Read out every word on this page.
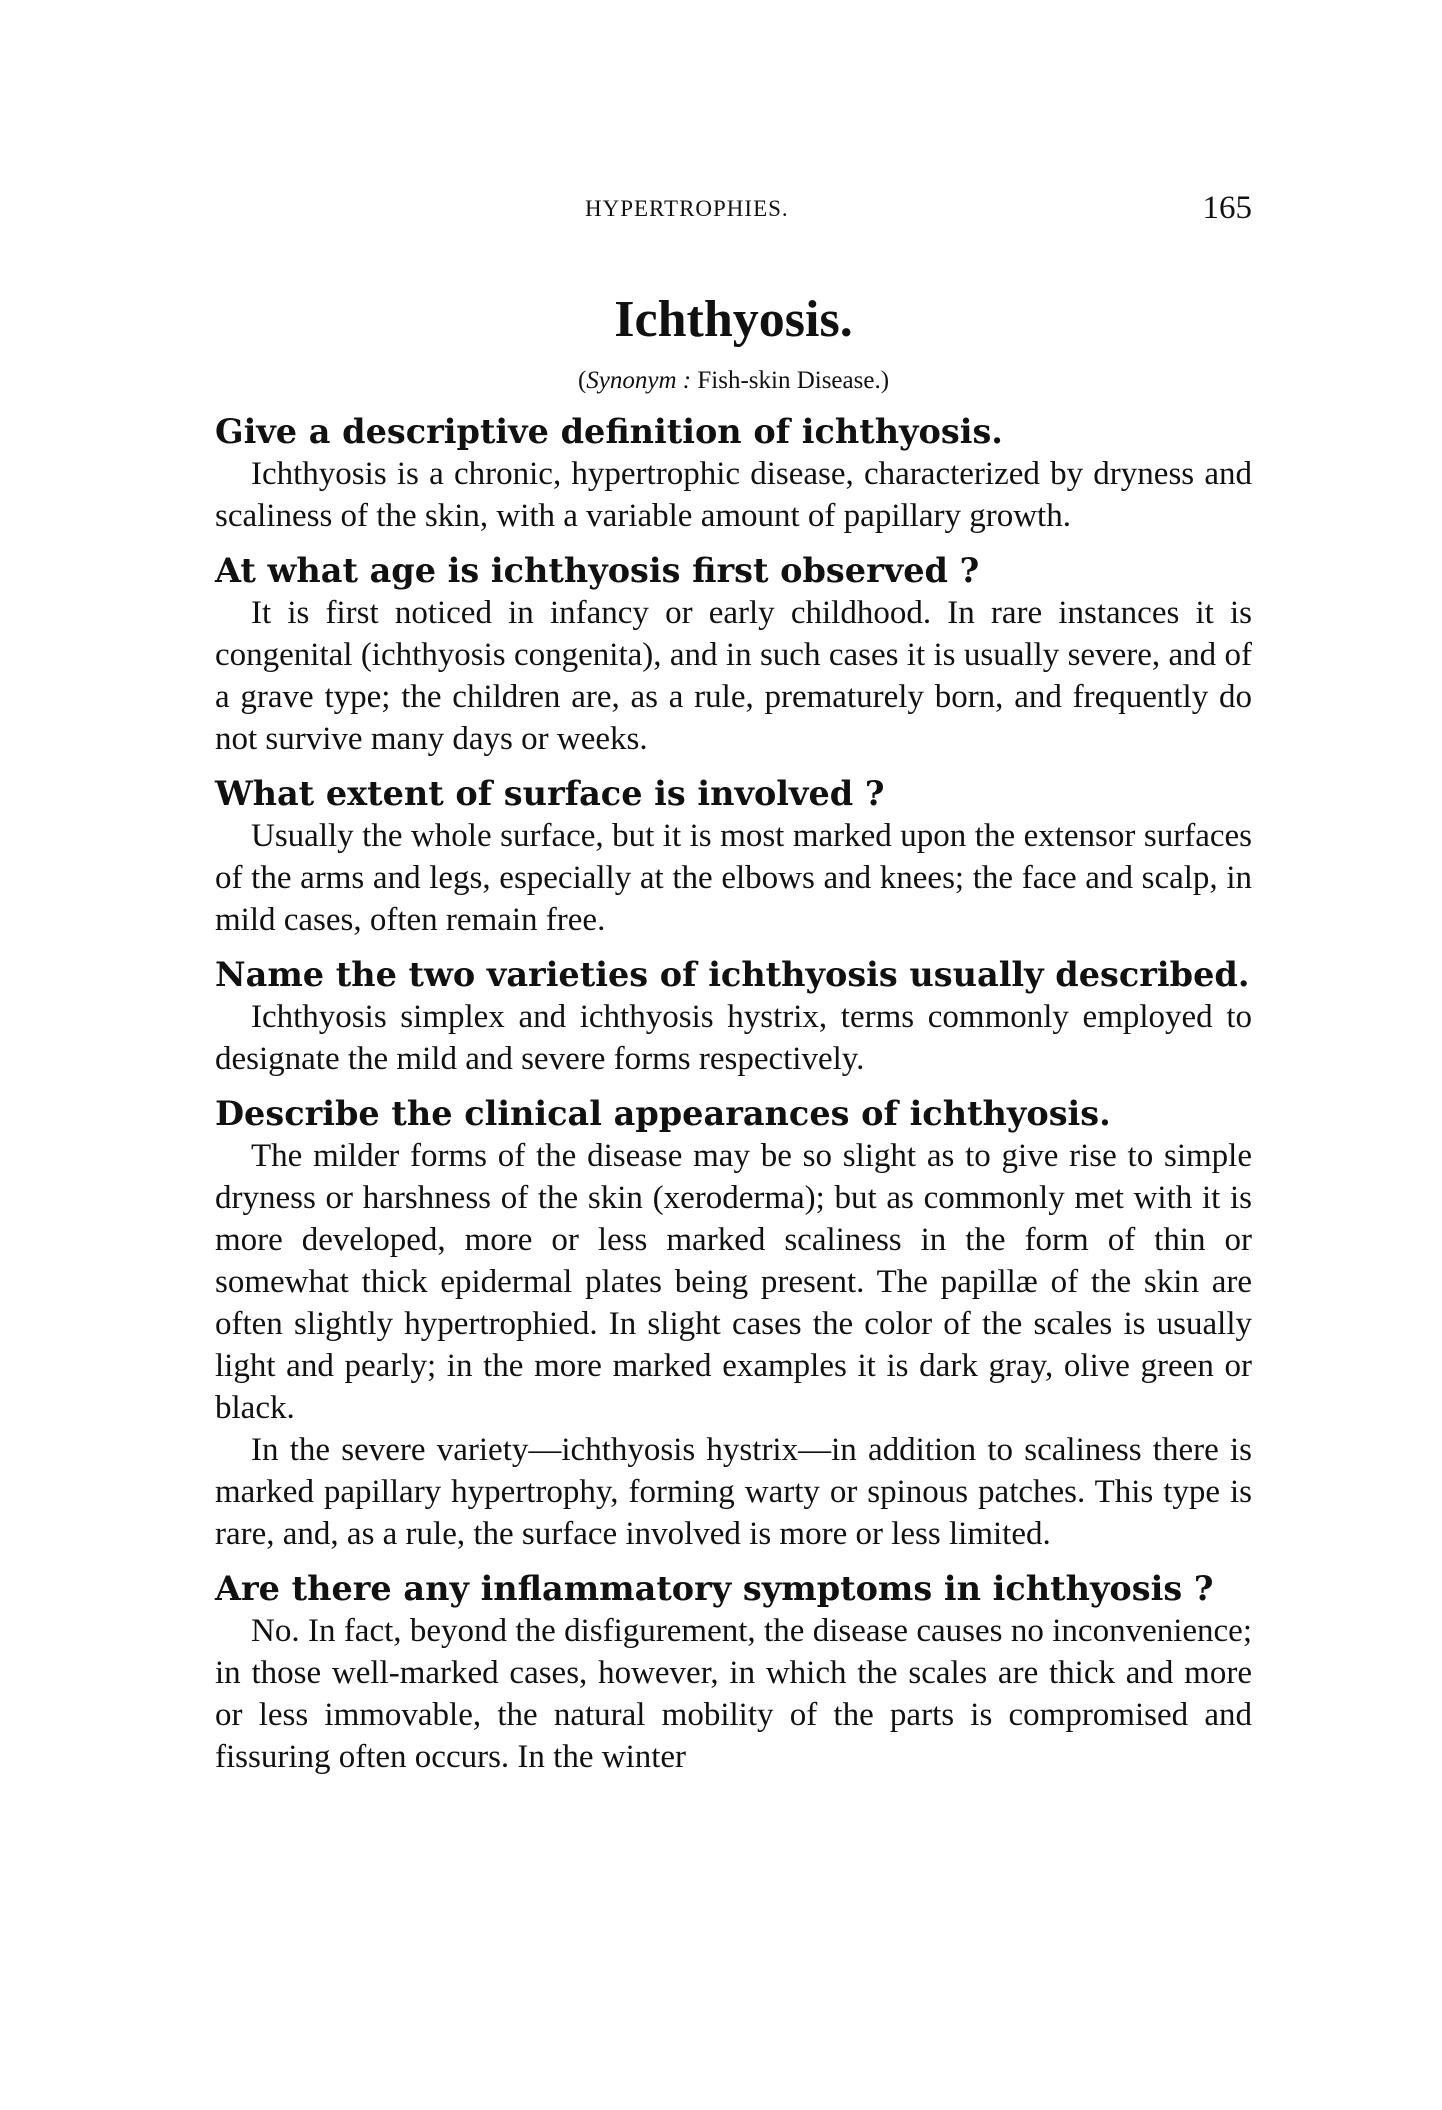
HYPERTROPHIES.	165
Ichthyosis.

(Synonym : Fish-skin Disease.)

Give a descriptive definition of ichthyosis.

Ichthyosis is a chronic, hypertrophic disease, characterized by dryness and scaliness of the skin, with a variable amount of papillary growth.

At what age is ichthyosis first observed ?

It is first noticed in infancy or early childhood. In rare instances it is congenital (ichthyosis congenita), and in such cases it is usually severe, and of a grave type; the children are, as a rule, prematurely born, and frequently do not survive many days or weeks.

What extent of surface is involved ?

Usually the whole surface, but it is most marked upon the extensor surfaces of the arms and legs, especially at the elbows and knees; the face and scalp, in mild cases, often remain free.

Name the two varieties of ichthyosis usually described.

Ichthyosis simplex and ichthyosis hystrix, terms commonly employed to designate the mild and severe forms respectively.

Describe the clinical appearances of ichthyosis.

The milder forms of the disease may be so slight as to give rise to simple dryness or harshness of the skin (xeroderma); but as commonly met with it is more developed, more or less marked scaliness in the form of thin or somewhat thick epidermal plates being present. The papillæ of the skin are often slightly hypertrophied. In slight cases the color of the scales is usually light and pearly; in the more marked examples it is dark gray, olive green or black.

In the severe variety—ichthyosis hystrix—in addition to scaliness there is marked papillary hypertrophy, forming warty or spinous patches. This type is rare, and, as a rule, the surface involved is more or less limited.

Are there any inflammatory symptoms in ichthyosis ?

No. In fact, beyond the disfigurement, the disease causes no inconvenience; in those well-marked cases, however, in which the scales are thick and more or less immovable, the natural mobility of the parts is compromised and fissuring often occurs. In the winter
